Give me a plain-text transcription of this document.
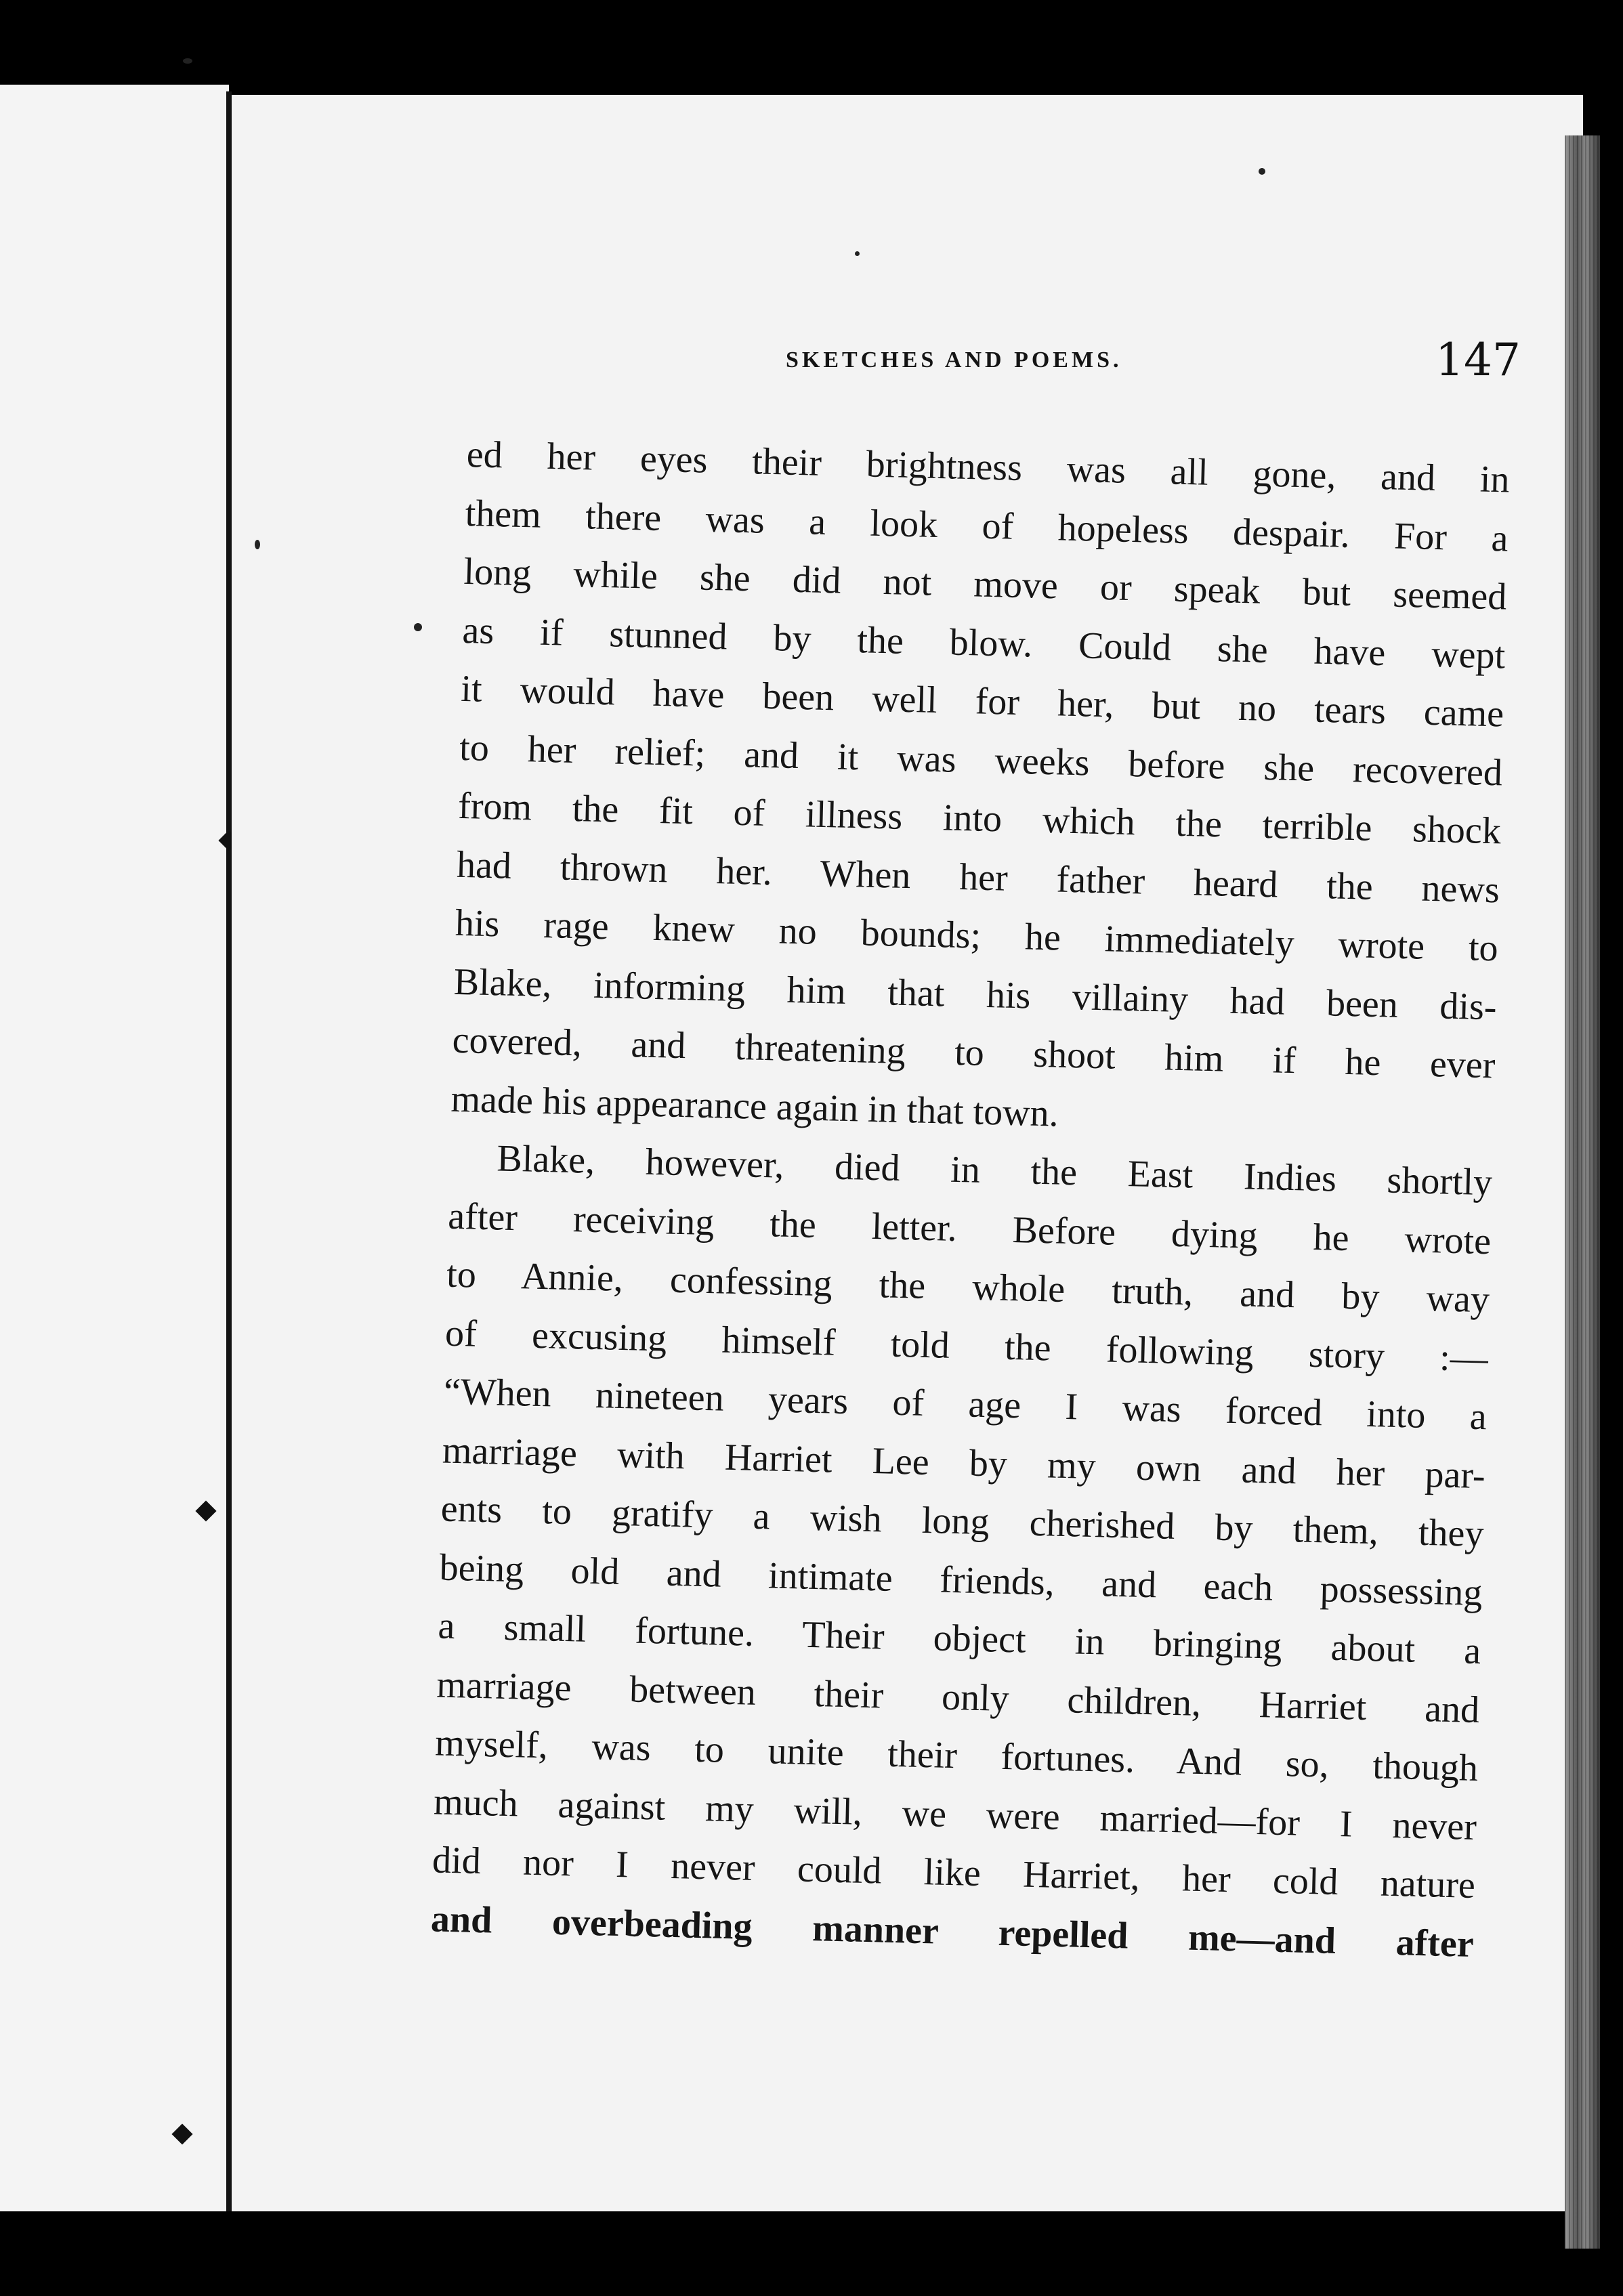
SKETCHES AND POEMS.	147
ed her eyes their brightness was all gone, and in
them there was a look of hopeless despair. For a
long while she did not move or speak but seemed
as if stunned by the blow. Could she have wept
it would have been well for her, but no tears came
to her relief; and it was weeks before she recovered
from the fit of illness into which the terrible shock
had thrown her. When her father heard the news
his rage knew no bounds; he immediately wrote to
Blake, informing him that his villainy had been dis-
covered, and threatening to shoot him if he ever
made his appearance again in that town.
Blake, however, died in the East Indies shortly
after receiving the letter. Before dying he wrote
to Annie, confessing the whole truth, and by way
of excusing himself told the following story :—
“When nineteen years of age I was forced into a
marriage with Harriet Lee by my own and her par-
ents to gratify a wish long cherished by them, they
being old and intimate friends, and each possessing
a small fortune. Their object in bringing about a
marriage between their only children, Harriet and
myself, was to unite their fortunes. And so, though
much against my will, we were married—for I never
did nor I never could like Harriet, her cold nature
and overbeading manner repelled me—and after
